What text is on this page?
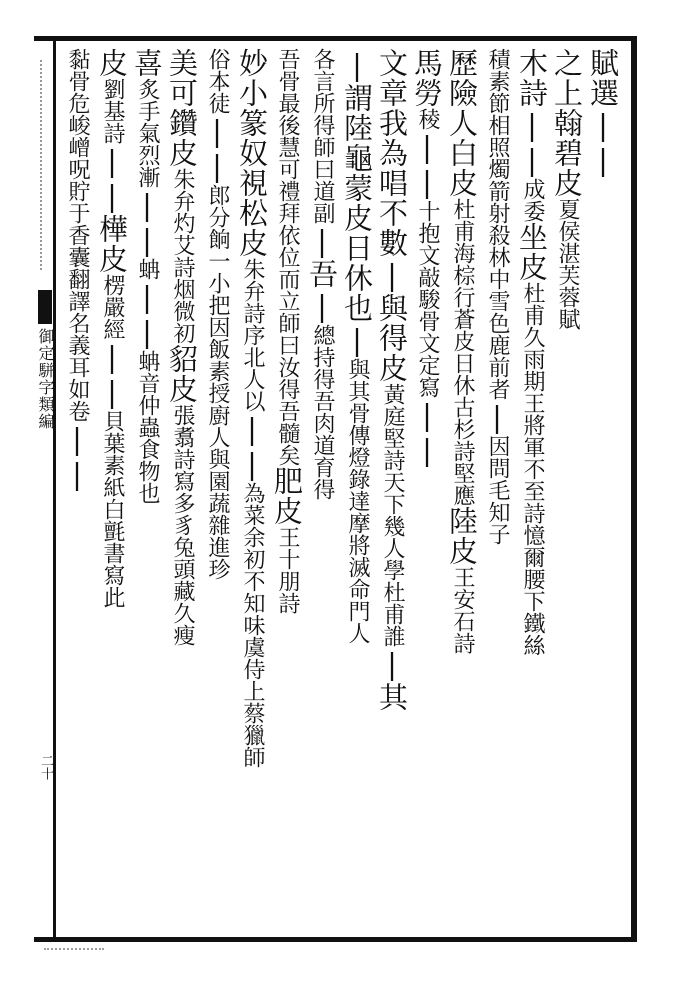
御定駢字類編
二十
賦選||
之上翰碧皮夏侯湛芙蓉賦
木詩||成委坐皮杜甫久雨期王將軍不至詩憶爾腰下鐵絲
積素節相照燭箭射殺林中雪色鹿前者|因問毛知子
歷險人白皮杜甫海棕行蒼皮日休古杉詩堅應陸皮王安石詩
馬勞稜||十抱文敲駿骨文定寫||
文章我為唱不數|與得皮黃庭堅詩天下幾人學杜甫誰|其
|謂陸龜蒙皮日休也|與其骨傳燈錄達摩將滅命門人
各言所得師曰道副|吾|總持得吾肉道育得
吾骨最後慧可禮拜依位而立師曰汝得吾髓矣肥皮王十朋詩
妙小篆奴視松皮朱弁詩序北人以||為菜余初不知味虞侍上蔡獵師
俗本徒||郎分餉一小把因飯素授廚人與園蔬雜進珍
美可鑽皮朱弁灼艾詩烟微初貂皮張翥詩寫多豸兔頭藏久瘦
喜炙手氣烈漸||蚺||蚺音仲蟲食物也
皮劉基詩||樺皮楞嚴經||貝葉素紙白氈書寫此
黏骨危峻嶒呪貯于香囊翻譯名義耳如卷||
